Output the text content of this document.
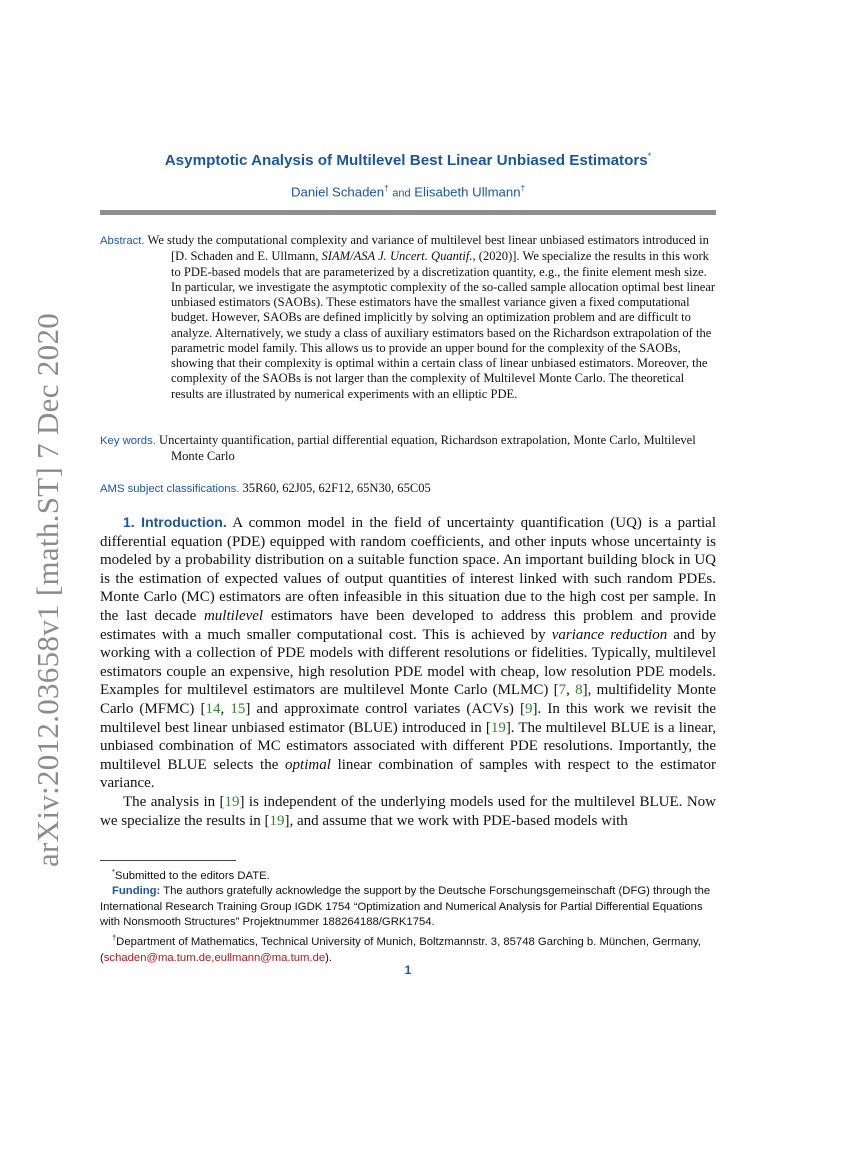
arXiv:2012.03658v1 [math.ST] 7 Dec 2020
Asymptotic Analysis of Multilevel Best Linear Unbiased Estimators*
Daniel Schaden† and Elisabeth Ullmann†

Abstract. We study the computational complexity and variance of multilevel best linear unbiased estimators introduced in [D. Schaden and E. Ullmann, SIAM/ASA J. Uncert. Quantif., (2020)]. We specialize the results in this work to PDE-based models that are parameterized by a discretization quantity, e.g., the finite element mesh size. In particular, we investigate the asymptotic complexity of the so-called sample allocation optimal best linear unbiased estimators (SAOBs). These estimators have the smallest variance given a fixed computational budget. However, SAOBs are defined implicitly by solving an optimization problem and are difficult to analyze. Alternatively, we study a class of auxiliary estimators based on the Richardson extrapolation of the parametric model family. This allows us to provide an upper bound for the complexity of the SAOBs, showing that their complexity is optimal within a certain class of linear unbiased estimators. Moreover, the complexity of the SAOBs is not larger than the complexity of Multilevel Monte Carlo. The theoretical results are illustrated by numerical experiments with an elliptic PDE.

Key words. Uncertainty quantification, partial differential equation, Richardson extrapolation, Monte Carlo, Multilevel Monte Carlo

AMS subject classifications. 35R60, 62J05, 62F12, 65N30, 65C05

1. Introduction. A common model in the field of uncertainty quantification (UQ) is a partial differential equation (PDE) equipped with random coefficients, and other inputs whose uncertainty is modeled by a probability distribution on a suitable function space. An important building block in UQ is the estimation of expected values of output quantities of interest linked with such random PDEs. Monte Carlo (MC) estimators are often infeasible in this situation due to the high cost per sample. In the last decade multilevel estimators have been developed to address this problem and provide estimates with a much smaller computational cost. This is achieved by variance reduction and by working with a collection of PDE models with different resolutions or fidelities. Typically, multilevel estimators couple an expensive, high resolution PDE model with cheap, low resolution PDE models. Examples for multilevel estimators are multilevel Monte Carlo (MLMC) [7, 8], multifidelity Monte Carlo (MFMC) [14, 15] and approximate control variates (ACVs) [9]. In this work we revisit the multilevel best linear unbiased estimator (BLUE) introduced in [19]. The multilevel BLUE is a linear, unbiased combination of MC estimators associated with different PDE resolutions. Importantly, the multilevel BLUE selects the optimal linear combination of samples with respect to the estimator variance.

The analysis in [19] is independent of the underlying models used for the multilevel BLUE. Now we specialize the results in [19], and assume that we work with PDE-based models with

*Submitted to the editors DATE.

Funding: The authors gratefully acknowledge the support by the Deutsche Forschungsgemeinschaft (DFG) through the International Research Training Group IGDK 1754 “Optimization and Numerical Analysis for Partial Differential Equations with Nonsmooth Structures” Projektnummer 188264188/GRK1754.

†Department of Mathematics, Technical University of Munich, Boltzmannstr. 3, 85748 Garching b. München, Germany, (schaden@ma.tum.de,eullmann@ma.tum.de).

1
